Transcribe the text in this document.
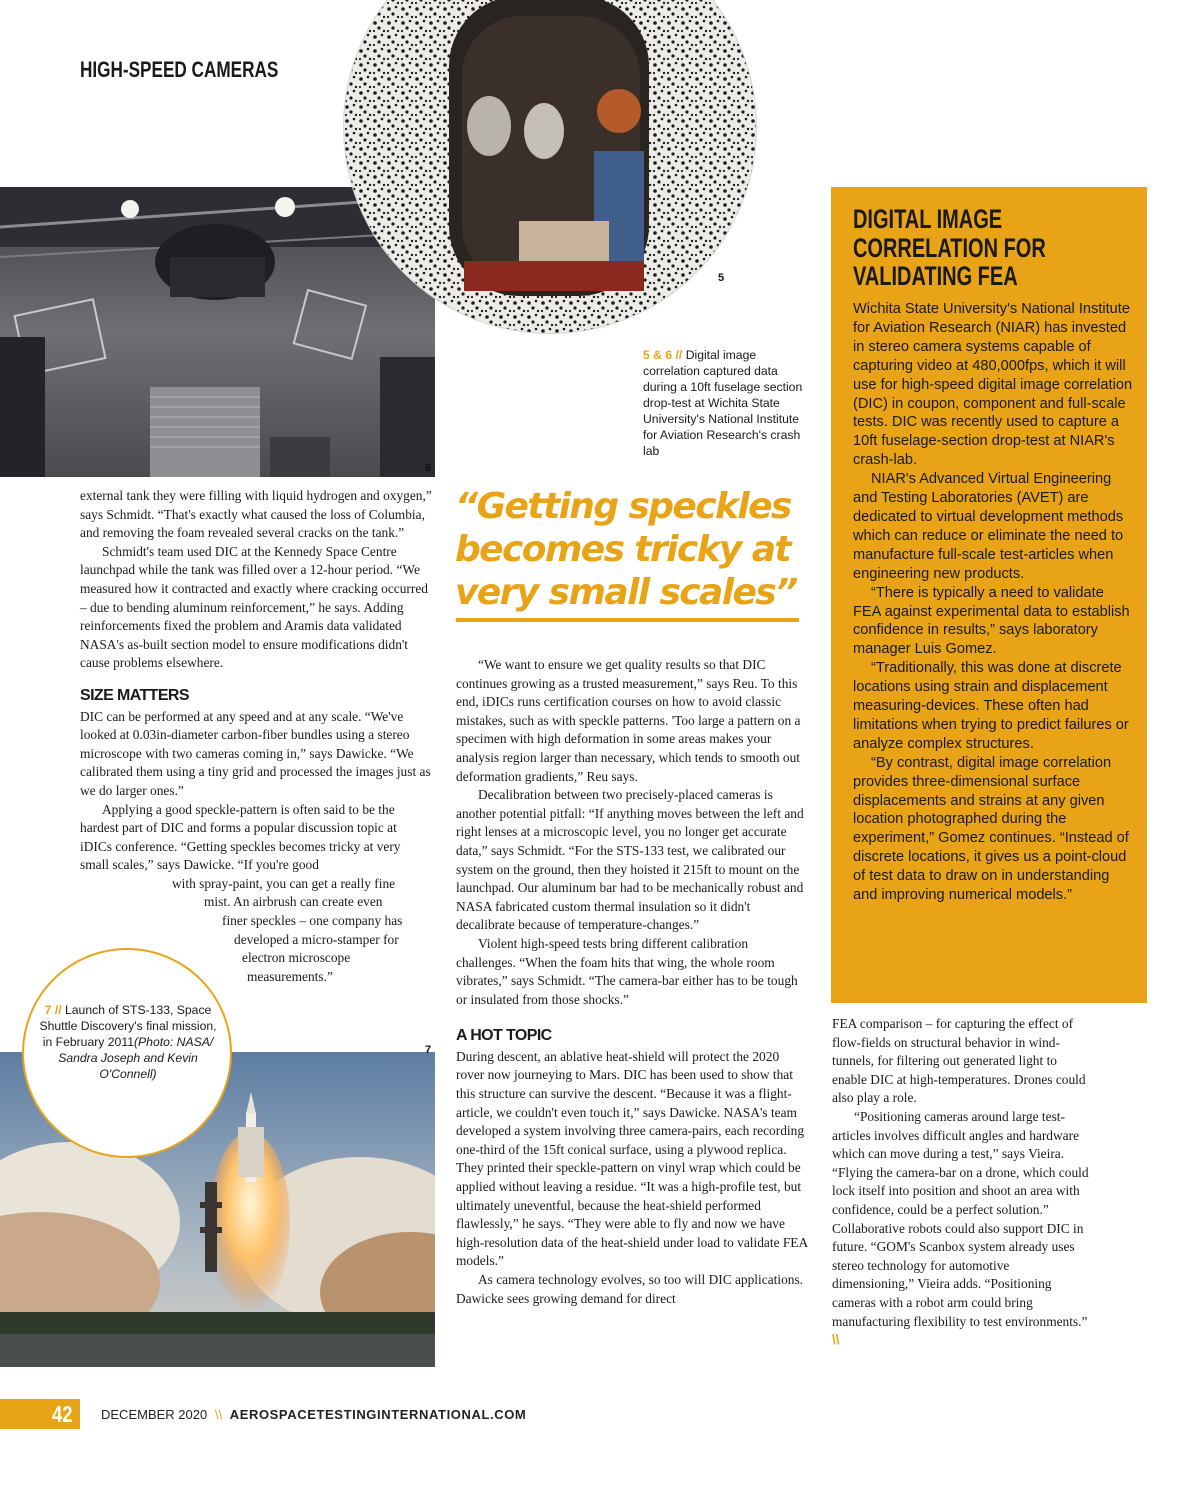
HIGH-SPEED CAMERAS
6
5
5 & 6 // Digital image correlation captured data during a 10ft fuselage section drop-test at Wichita State University's National Institute for Aviation Research's crash lab
DIGITAL IMAGE
CORRELATION FOR
VALIDATING FEA

Wichita State University's National Institute for Aviation Research (NIAR) has invested in stereo camera systems capable of capturing video at 480,000fps, which it will use for high-speed digital image correlation (DIC) in coupon, component and full-scale tests. DIC was recently used to capture a 10ft fuselage-section drop-test at NIAR's crash-lab.

NIAR's Advanced Virtual Engineering and Testing Laboratories (AVET) are dedicated to virtual development methods which can reduce or eliminate the need to manufacture full-scale test-articles when engineering new products.

“There is typically a need to validate FEA against experimental data to establish confidence in results,” says laboratory manager Luis Gomez.

“Traditionally, this was done at discrete locations using strain and displacement measuring-devices. These often had limitations when trying to predict failures or analyze complex structures.

“By contrast, digital image correlation provides three-dimensional surface displacements and strains at any given location photographed during the experiment,” Gomez continues. “Instead of discrete locations, it gives us a point-cloud of test data to draw on in understanding and improving numerical models.”

external tank they were filling with liquid hydrogen and oxygen,” says Schmidt. “That's exactly what caused the loss of Columbia, and removing the foam revealed several cracks on the tank.”

Schmidt's team used DIC at the Kennedy Space Centre launchpad while the tank was filled over a 12-hour period. “We measured how it contracted and exactly where cracking occurred – due to bending aluminum reinforcement,” he says. Adding reinforcements fixed the problem and Aramis data validated NASA's as-built section model to ensure modifications didn't cause problems elsewhere.

SIZE MATTERS

DIC can be performed at any speed and at any scale. “We've looked at 0.03in-diameter carbon-fiber bundles using a stereo microscope with two cameras coming in,” says Dawicke. “We calibrated them using a tiny grid and processed the images just as we do larger ones.”

Applying a good speckle-pattern is often said to be the hardest part of DIC and forms a popular discussion topic at iDICs conference. “Getting speckles becomes tricky at very small scales,” says Dawicke. “If you're good

with spray-paint, you can get a really fine
mist. An airbrush can create even
finer speckles – one company has
developed a micro-stamper for
electron microscope
measurements.”
7
7 // Launch of STS-133, Space Shuttle Discovery's final mission, in February 2011(Photo: NASA/ Sandra Joseph and Kevin O'Connell)
“Getting speckles
becomes tricky at
very small scales”

“We want to ensure we get quality results so that DIC continues growing as a trusted measurement,” says Reu. To this end, iDICs runs certification courses on how to avoid classic mistakes, such as with speckle patterns. 'Too large a pattern on a specimen with high deformation in some areas makes your analysis region larger than necessary, which tends to smooth out deformation gradients,” Reu says.

Decalibration between two precisely-placed cameras is another potential pitfall: “If anything moves between the left and right lenses at a microscopic level, you no longer get accurate data,” says Schmidt. “For the STS-133 test, we calibrated our system on the ground, then they hoisted it 215ft to mount on the launchpad. Our aluminum bar had to be mechanically robust and NASA fabricated custom thermal insulation so it didn't decalibrate because of temperature-changes.”

Violent high-speed tests bring different calibration challenges. “When the foam hits that wing, the whole room vibrates,” says Schmidt. “The camera-bar either has to be tough or insulated from those shocks.”

A HOT TOPIC

During descent, an ablative heat-shield will protect the 2020 rover now journeying to Mars. DIC has been used to show that this structure can survive the descent. “Because it was a flight-article, we couldn't even touch it,” says Dawicke. NASA's team developed a system involving three camera-pairs, each recording one-third of the 15ft conical surface, using a plywood replica. They printed their speckle-pattern on vinyl wrap which could be applied without leaving a residue. “It was a high-profile test, but ultimately uneventful, because the heat-shield performed flawlessly,” he says. “They were able to fly and now we have high-resolution data of the heat-shield under load to validate FEA models.”

As camera technology evolves, so too will DIC applications. Dawicke sees growing demand for direct

FEA comparison – for capturing the effect of flow-fields on structural behavior in wind-tunnels, for filtering out generated light to enable DIC at high-temperatures. Drones could also play a role.

“Positioning cameras around large test-articles involves difficult angles and hardware which can move during a test,” says Vieira. “Flying the camera-bar on a drone, which could lock itself into position and shoot an area with confidence, could be a perfect solution.” Collaborative robots could also support DIC in future. “GOM's Scanbox system already uses stereo technology for automotive dimensioning,” Vieira adds. “Positioning cameras with a robot arm could bring manufacturing flexibility to test environments.” \\

42 DECEMBER 2020 \\ AEROSPACETESTINGINTERNATIONAL.COM
